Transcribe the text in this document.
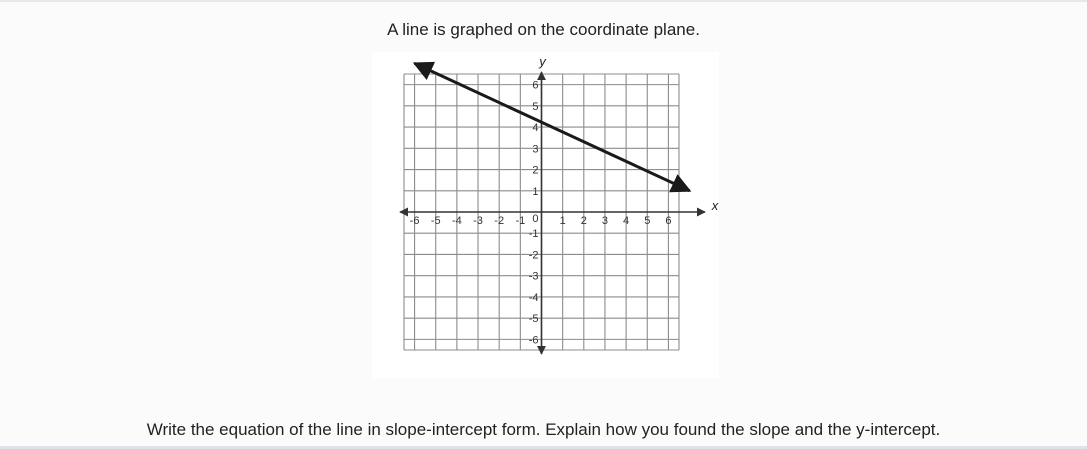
A line is graphed on the coordinate plane.
x
y
-6 -5 -4 -3 -2 -1	1 2 3 4 5 6
6
5
4
3
2
1
-1
-2
-3
-4
-5
-6
0
Write the equation of the line in slope-intercept form. Explain how you found the slope and the y-intercept.
